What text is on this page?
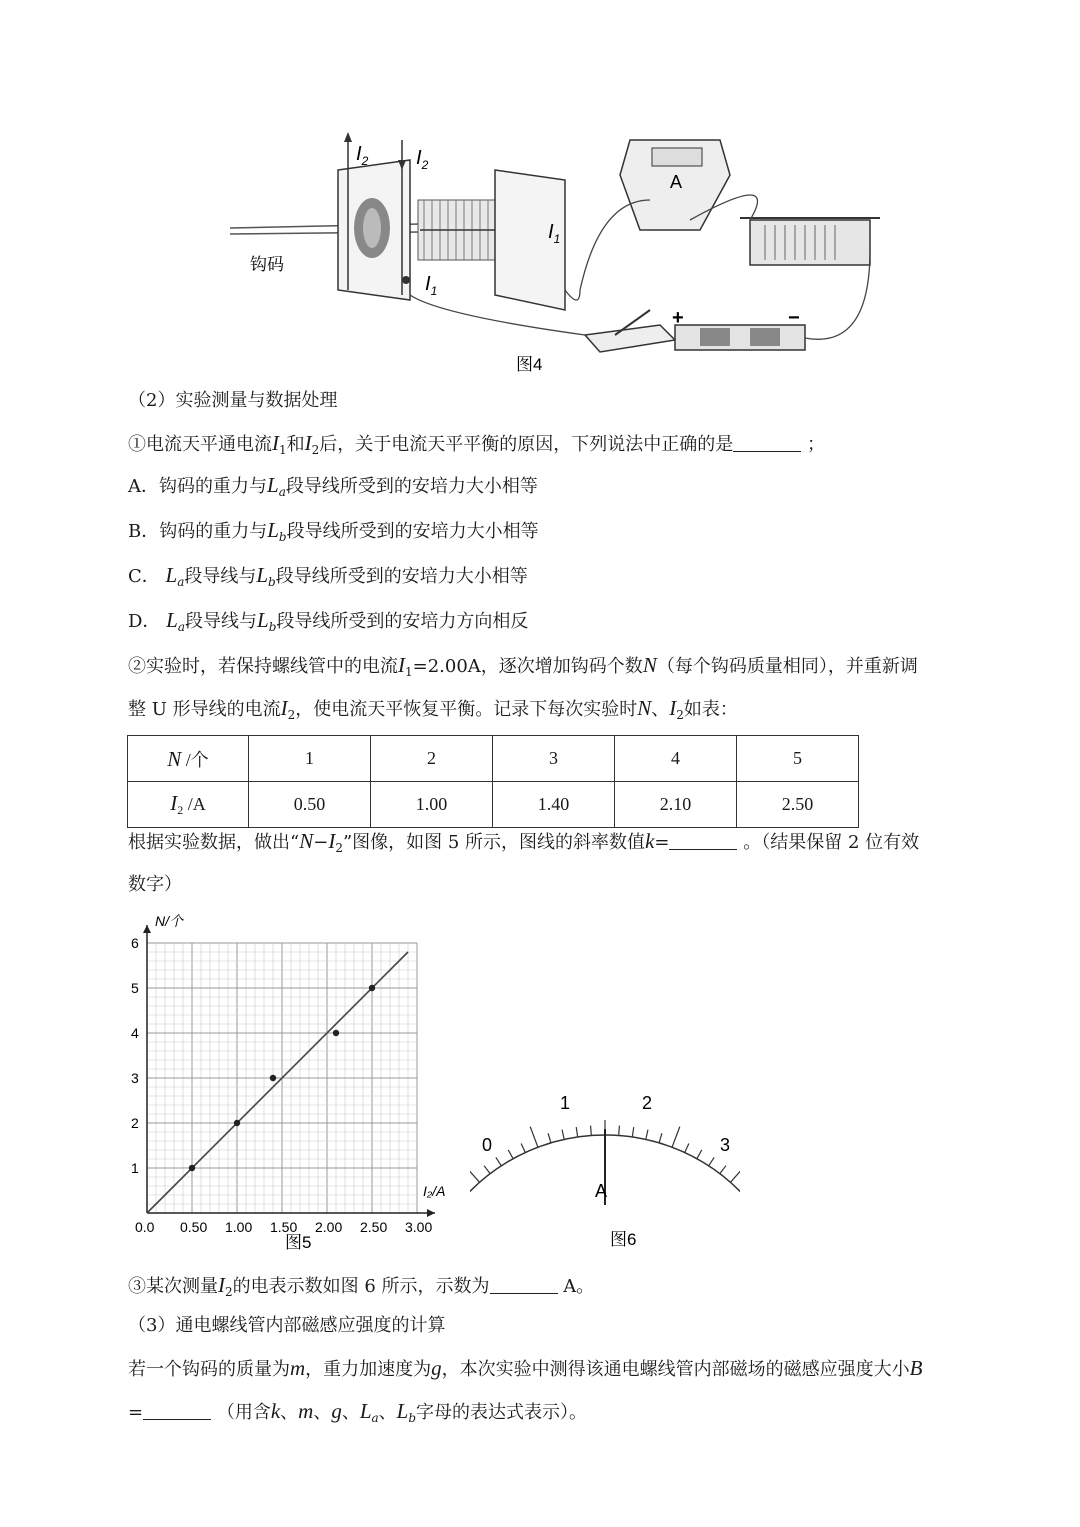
$I_2$ $I_2$
$I_1$
$I_1$
钩码
A
+	−
图4
（2）实验测量与数据处理
①电流天平通电流$I_1$和$I_2$后，关于电流天平平衡的原因，下列说法中正确的是	；
A．钩码的重力与$L_a$段导线所受到的安培力大小相等
B．钩码的重力与$L_b$段导线所受到的安培力大小相等
C． $L_a$段导线与$L_b$段导线所受到的安培力大小相等
D． $L_a$段导线与$L_b$段导线所受到的安培力方向相反
②实验时，若保持螺线管中的电流$I_1=2.00A$，逐次增加钩码个数N（每个钩码质量相同），并重新调
整 U 形导线的电流$I_2$，使电流天平恢复平衡。记录下每次实验时N、$I_2$如表：
N /个	1	2	3	4	5
$I_2$ /A	0.50	1.00	1.40	2.10	2.50
根据实验数据，做出“$N-I_2$”图像，如图 5 所示，图线的斜率数值k=	。（结果保留 2 位有效
数字）
0.0 0.50 1.00 1.50 2.00 2.50 3.00
1
2
3
4
5
6
N/个
I₂/A
图5
A
0
1	2
3
图6
③某次测量$I_2$的电表示数如图 6 所示，示数为	A。
（3）通电螺线管内部磁感应强度的计算
若一个钩码的质量为m，重力加速度为g，本次实验中测得该通电螺线管内部磁场的磁感应强度大小B
=	（用含k、m、g、$L_a$、$L_b$字母的表达式表示）。
